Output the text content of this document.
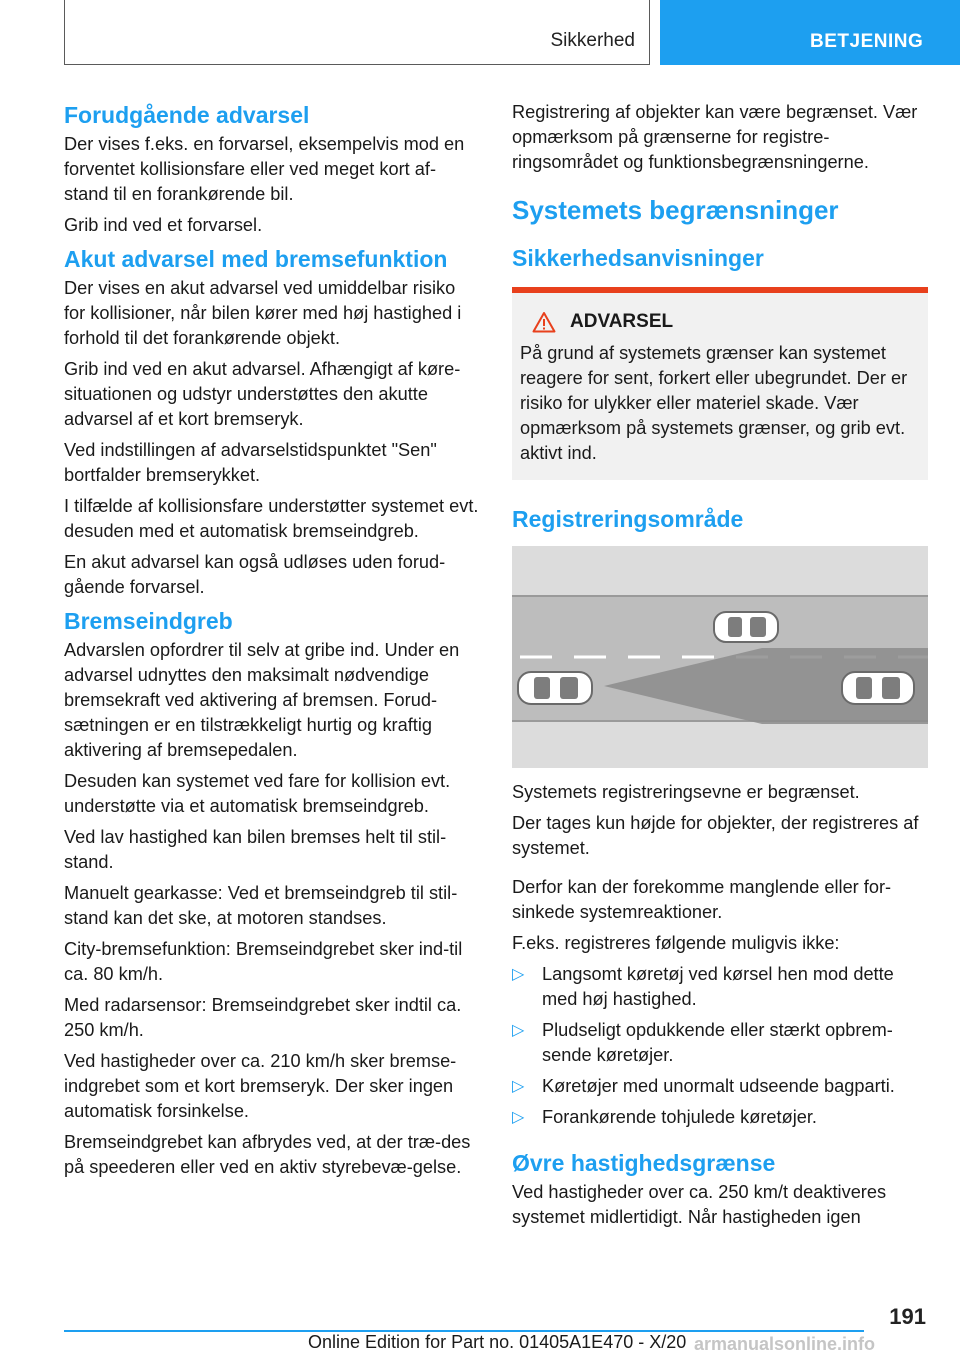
Sikkerhed	BETJENING
Forudgående advarsel

Der vises f.eks. en forvarsel, eksempelvis mod en forventet kollisionsfare eller ved meget kort af-stand til en forankørende bil.

Grib ind ved et forvarsel.

Akut advarsel med bremsefunktion

Der vises en akut advarsel ved umiddelbar risiko for kollisioner, når bilen kører med høj hastighed i forhold til det forankørende objekt.

Grib ind ved en akut advarsel. Afhængigt af køre-situationen og udstyr understøttes den akutte advarsel af et kort bremseryk.

Ved indstillingen af advarselstidspunktet "Sen" bortfalder bremserykket.

I tilfælde af kollisionsfare understøtter systemet evt. desuden med et automatisk bremseindgreb.

En akut advarsel kan også udløses uden forud-gående forvarsel.

Bremseindgreb

Advarslen opfordrer til selv at gribe ind. Under en advarsel udnyttes den maksimalt nødvendige bremsekraft ved aktivering af bremsen. Forud-sætningen er en tilstrækkeligt hurtig og kraftig aktivering af bremsepedalen.

Desuden kan systemet ved fare for kollision evt. understøtte via et automatisk bremseindgreb.

Ved lav hastighed kan bilen bremses helt til stil-stand.

Manuelt gearkasse: Ved et bremseindgreb til stil-stand kan det ske, at motoren standses.

City-bremsefunktion: Bremseindgrebet sker ind-til ca. 80 km/h.

Med radarsensor: Bremseindgrebet sker indtil ca. 250 km/h.

Ved hastigheder over ca. 210 km/h sker bremse-indgrebet som et kort bremseryk. Der sker ingen automatisk forsinkelse.

Bremseindgrebet kan afbrydes ved, at der træ-des på speederen eller ved en aktiv styrebevæ-gelse.

Registrering af objekter kan være begrænset. Vær opmærksom på grænserne for registre-ringsområdet og funktionsbegrænsningerne.

Systemets begrænsninger
Sikkerhedsanvisninger
ADVARSEL

På grund af systemets grænser kan systemet reagere for sent, forkert eller ubegrundet. Der er risiko for ulykker eller materiel skade. Vær opmærksom på systemets grænser, og grib evt. aktivt ind.

Registreringsområde

Systemets registreringsevne er begrænset.

Der tages kun højde for objekter, der registreres af systemet.

Derfor kan der forekomme manglende eller for-sinkede systemreaktioner.

F.eks. registreres følgende muligvis ikke:

▷ Langsomt køretøj ved kørsel hen mod dette med høj hastighed.
▷ Pludseligt opdukkende eller stærkt opbrem-sende køretøjer.
▷ Køretøjer med unormalt udseende bagparti.
▷ Forankørende tohjulede køretøjer.
Øvre hastighedsgrænse

Ved hastigheder over ca. 250 km/t deaktiveres systemet midlertidigt. Når hastigheden igen

191
Online Edition for Part no. 01405A1E470 - X/20 armanualsonline.info
